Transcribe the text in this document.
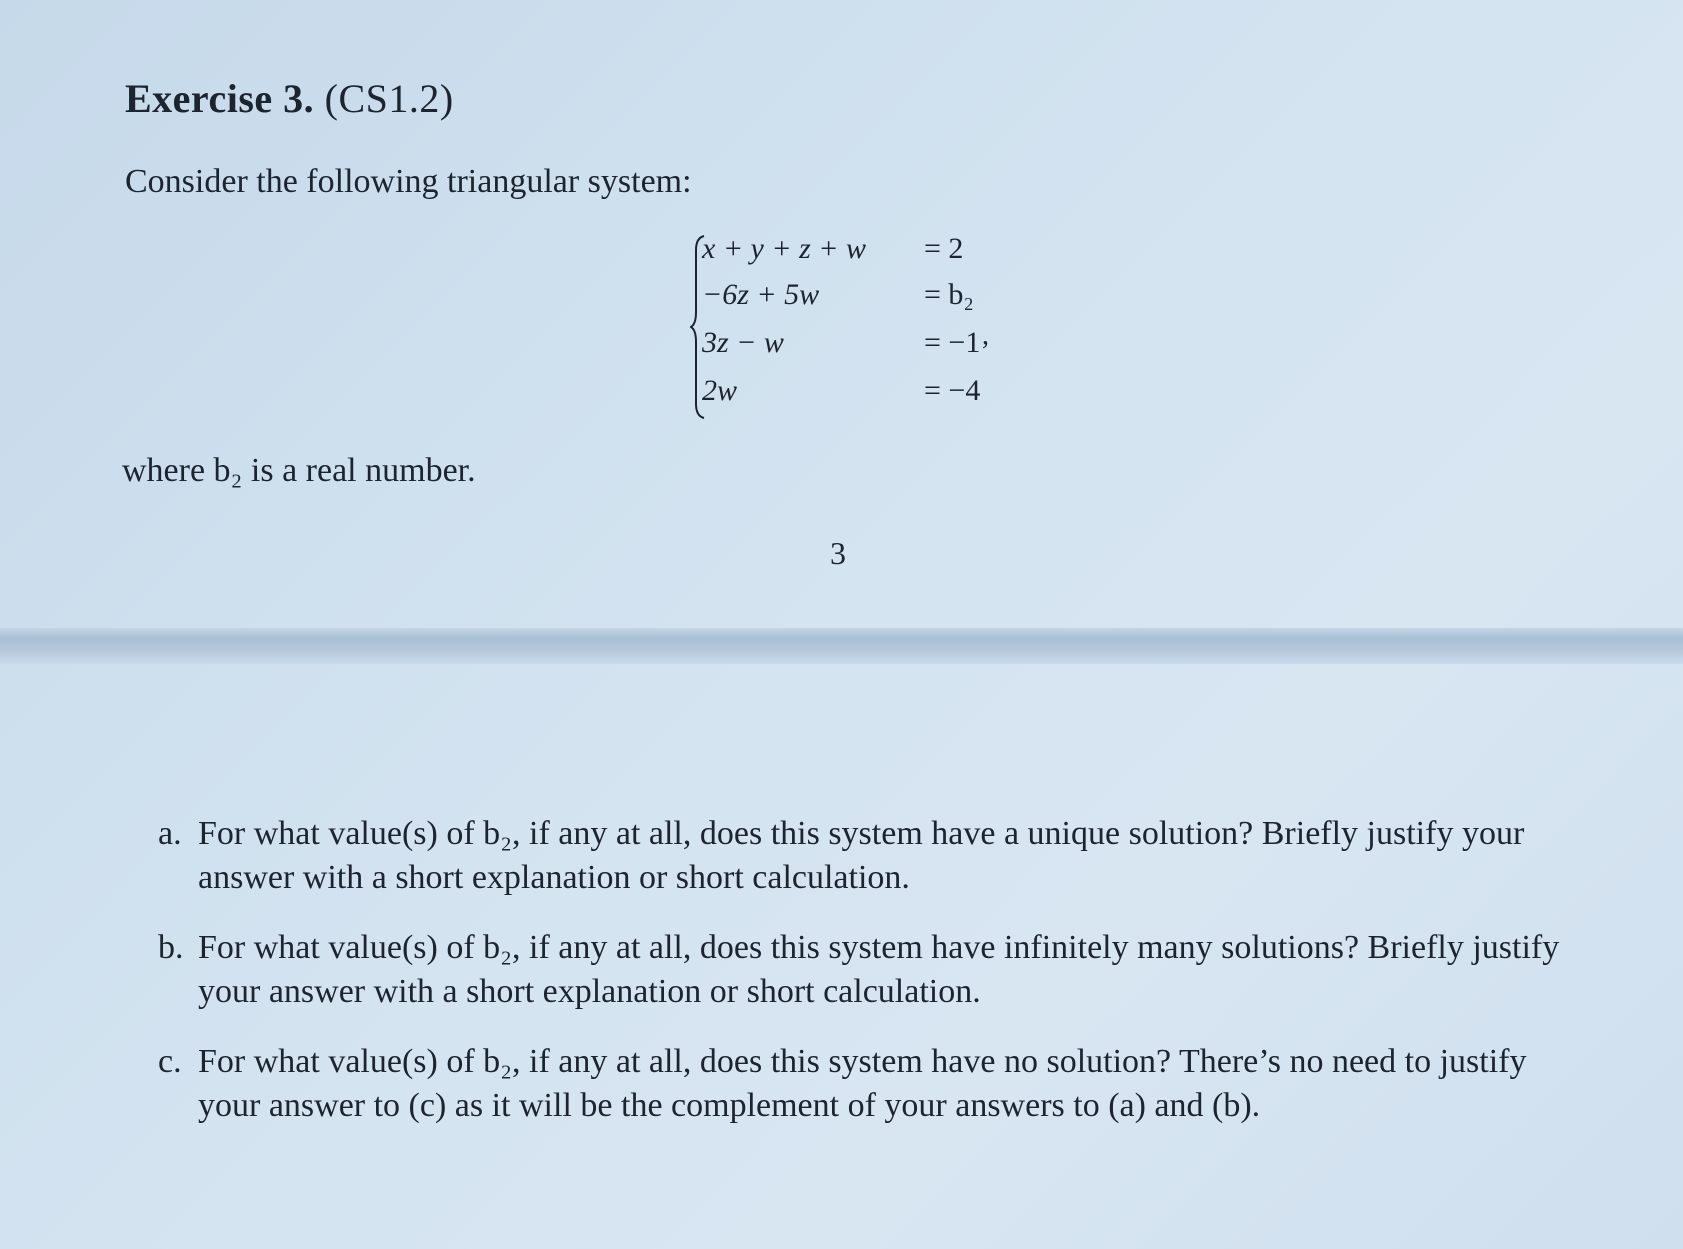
Exercise 3. (CS1.2)
Consider the following triangular system:
x + y + z + w = 2
−6z + 5w	= b₂
3z − w	= −1
2w	= −4
,
where b₂ is a real number.
3
a. For what value(s) of b₂, if any at all, does this system have a unique solution? Briefly justify your answer with a short explanation or short calculation.
b. For what value(s) of b₂, if any at all, does this system have infinitely many solutions? Briefly justify your answer with a short explanation or short calculation.
c. For what value(s) of b₂, if any at all, does this system have no solution? There’s no need to justify your answer to (c) as it will be the complement of your answers to (a) and (b).
